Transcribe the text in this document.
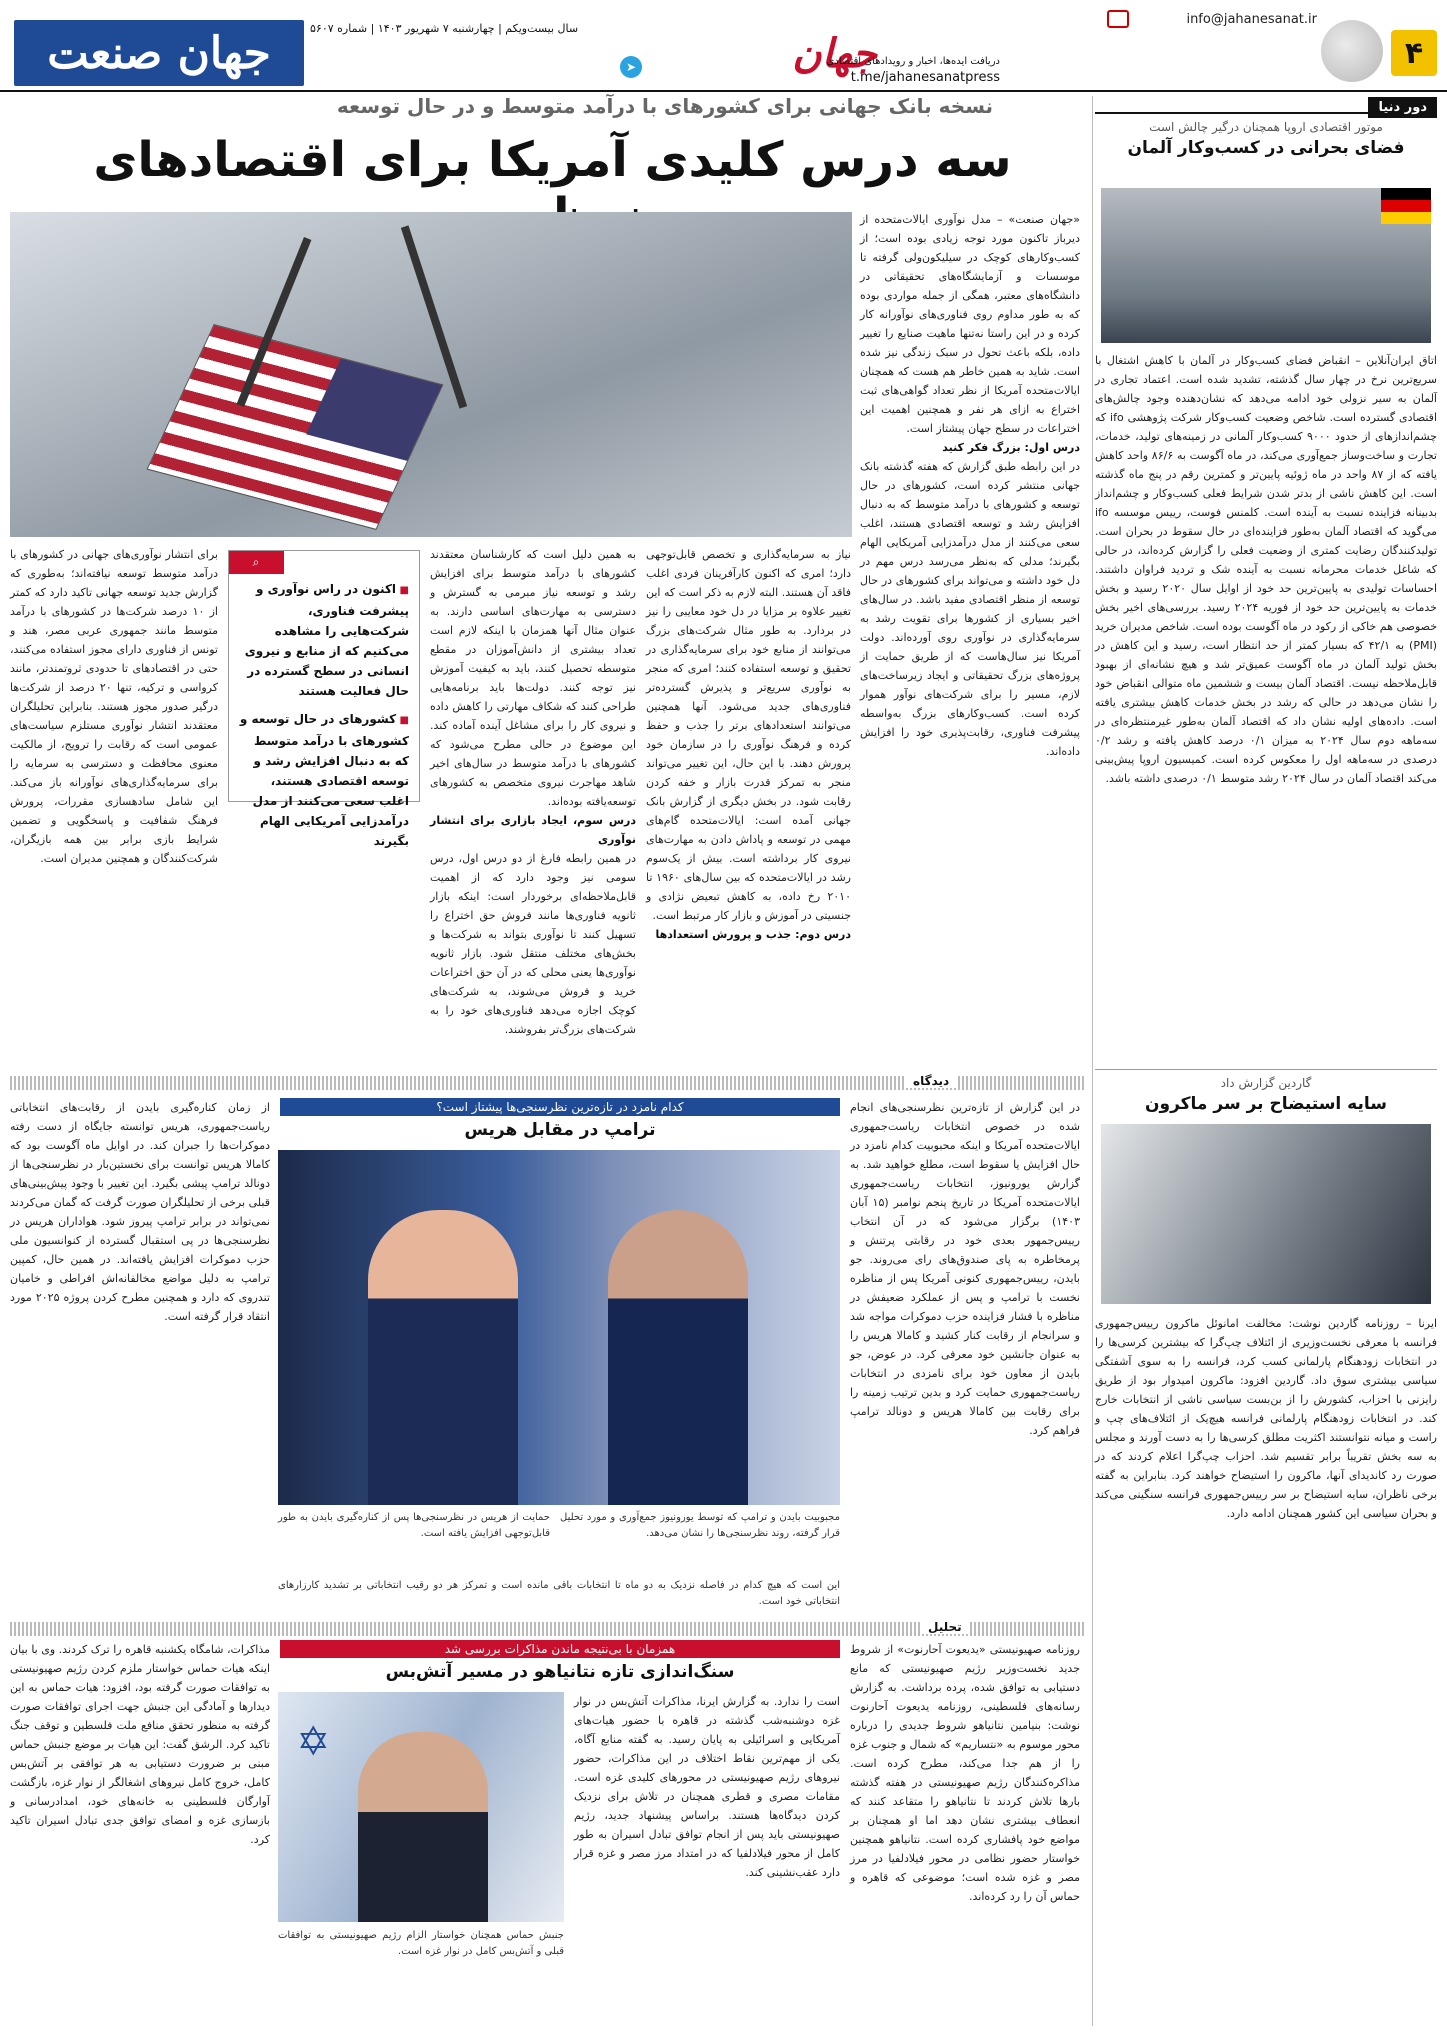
۴
info@jahanesanat.ir
جهان
دریافت ایده‌ها، اخبار و رویدادهای اقتصادی
t.me/jahanesanatpress
➤
سال بیست‌ویکم | چهارشنبه ۷ شهریور ۱۴۰۳ | شماره ۵۶۰۷
جهان صنعت
دور دنیا
موتور اقتصادی اروپا همچنان درگیر چالش است
فضای بحرانی در کسب‌وکار آلمان
اتاق ایران‌آنلاین – انقباض فضای کسب‌وکار در آلمان با کاهش اشتغال با سریع‌ترین نرخ در چهار سال گذشته، تشدید شده است. اعتماد تجاری در آلمان به سیر نزولی خود ادامه می‌دهد که نشان‌دهنده وجود چالش‌های اقتصادی گسترده است. شاخص وضعیت کسب‌وکار شرکت پژوهشی ifo که چشم‌اندازهای از حدود ۹۰۰۰ کسب‌وکار آلمانی در زمینه‌های تولید، خدمات، تجارت و ساخت‌وساز جمع‌آوری می‌کند، در ماه آگوست به ۸۶/۶ واحد کاهش یافته که از ۸۷ واحد در ماه ژوئیه پایین‌تر و کمترین رقم در پنج ماه گذشته است. این کاهش ناشی از بدتر شدن شرایط فعلی کسب‌وکار و چشم‌انداز بدبینانه فزاینده نسبت به آینده است. کلمنس فوست، رییس موسسه ifo می‌گوید که اقتصاد آلمان به‌طور فزاینده‌ای در حال سقوط در بحران است. تولیدکنندگان رضایت کمتری از وضعیت فعلی را گزارش کرده‌اند، در حالی که شاغل خدمات محرمانه نسبت به آینده شک و تردید فراوان داشتند. احساسات تولیدی به پایین‌ترین حد خود از اوایل سال ۲۰۲۰ رسید و بخش خدمات به پایین‌ترین حد خود از فوریه ۲۰۲۴ رسید. بررسی‌های اخیر بخش خصوصی هم خاکی از رکود در ماه آگوست بوده است. شاخص مدیران خرید (PMI) به ۴۲/۱ که بسیار کمتر از حد انتظار است، رسید و این کاهش در بخش تولید آلمان در ماه آگوست عمیق‌تر شد و هیچ نشانه‌ای از بهبود قابل‌ملاحظه نیست. اقتصاد آلمان بیست و ششمین ماه متوالی انقباض خود را نشان می‌دهد در حالی که رشد در بخش خدمات کاهش بیشتری یافته است. داده‌های اولیه نشان داد که اقتصاد آلمان به‌طور غیرمنتظره‌ای در سه‌ماهه دوم سال ۲۰۲۴ به میزان ۰/۱ درصد کاهش یافته و رشد ۰/۲ درصدی در سه‌ماهه اول را معکوس کرده است. کمیسیون اروپا پیش‌بینی می‌کند اقتصاد آلمان در سال ۲۰۲۴ رشد متوسط ۰/۱ درصدی داشته باشد.
گاردین گزارش داد
سایه استیضاح بر سر ماکرون
ایرنا – روزنامه گاردین نوشت: مخالفت امانوئل ماکرون رییس‌جمهوری فرانسه با معرفی نخست‌وزیری از ائتلاف چپ‌گرا که بیشترین کرسی‌ها را در انتخابات زودهنگام پارلمانی کسب کرد، فرانسه را به سوی آشفتگی سیاسی بیشتری سوق داد. گاردین افزود: ماکرون امیدوار بود از طریق رایزنی با احزاب، کشورش را از بن‌بست سیاسی ناشی از انتخابات خارج کند. در انتخابات زودهنگام پارلمانی فرانسه هیچ‌یک از ائتلاف‌های چپ و راست و میانه نتوانستند اکثریت مطلق کرسی‌ها را به دست آورند و مجلس به سه بخش تقریباً برابر تقسیم شد. احزاب چپ‌گرا اعلام کردند که در صورت رد کاندیدای آنها، ماکرون را استیضاح خواهند کرد. بنابراین به گفته برخی ناظران، سایه استیضاح بر سر رییس‌جمهوری فرانسه سنگینی می‌کند و بحران سیاسی این کشور همچنان ادامه دارد.
نسخه بانک جهانی برای کشورهای با درآمد متوسط و در حال توسعه
سه درس کلیدی آمریکا برای اقتصادهای
«جهان صنعت» – مدل نوآوری ایالات‌متحده از دیرباز تاکنون مورد توجه زیادی بوده است؛ از کسب‌وکارهای کوچک در سیلیکون‌ولی گرفته تا موسسات و آزمایشگاه‌های تحقیقاتی در دانشگاه‌های معتبر، همگی از جمله مواردی بوده که به طور مداوم روی فناوری‌های نوآورانه کار کرده و در این راستا نه‌تنها ماهیت صنایع را تغییر داده، بلکه باعث تحول در سبک زندگی نیز شده است. شاید به همین خاطر هم هست که همچنان ایالات‌متحده آمریکا از نظر تعداد گواهی‌های ثبت اختراع به ازای هر نفر و همچنین اهمیت این اختراعات در سطح جهان پیشتاز است.
درس اول: بزرگ فکر کنید
در این رابطه طبق گزارش که هفته گذشته بانک جهانی منتشر کرده است، کشورهای در حال توسعه و کشورهای با درآمد متوسط که به دنبال افزایش رشد و توسعه اقتصادی هستند، اغلب سعی می‌کنند از مدل درآمدزایی آمریکایی الهام بگیرند؛ مدلی که به‌نظر می‌رسد درس مهم در دل خود داشته و می‌تواند برای کشورهای در حال توسعه از منظر اقتصادی مفید باشد. در سال‌های اخیر بسیاری از کشورها برای تقویت رشد به سرمایه‌گذاری در نوآوری روی آورده‌اند. دولت آمریکا نیز سال‌هاست که از طریق حمایت از پروژه‌های بزرگ تحقیقاتی و ایجاد زیرساخت‌های لازم، مسیر را برای شرکت‌های نوآور هموار کرده است. کسب‌وکارهای بزرگ به‌واسطه پیشرفت فناوری، رقابت‌پذیری خود را افزایش داده‌اند.
نیاز به سرمایه‌گذاری و تخصص قابل‌توجهی دارد؛ امری که اکنون کارآفرینان فردی اغلب فاقد آن هستند. البته لازم به ذکر است که این تغییر علاوه بر مزایا در دل خود معایبی را نیز در بردارد. به طور مثال شرکت‌های بزرگ می‌توانند از منابع خود برای سرمایه‌گذاری در تحقیق و توسعه استفاده کنند؛ امری که منجر به نوآوری سریع‌تر و پذیرش گسترده‌تر فناوری‌های جدید می‌شود. آنها همچنین می‌توانند استعدادهای برتر را جذب و حفظ کرده و فرهنگ نوآوری را در سازمان خود پرورش دهند. با این حال، این تغییر می‌تواند منجر به تمرکز قدرت بازار و خفه کردن رقابت شود. در بخش دیگری از گزارش بانک جهانی آمده است: ایالات‌متحده گام‌های مهمی در توسعه و پاداش دادن به مهارت‌های نیروی کار برداشته است. بیش از یک‌سوم رشد در ایالات‌متحده که بین سال‌های ۱۹۶۰ تا ۲۰۱۰ رخ داده، به کاهش تبعیض نژادی و جنسیتی در آموزش و بازار کار مرتبط است.
درس دوم: جذب و پرورش استعدادها
به همین دلیل است که کارشناسان معتقدند کشورهای با درآمد متوسط برای افزایش رشد و توسعه نیاز مبرمی به گسترش و دسترسی به مهارت‌های اساسی دارند. به عنوان مثال آنها همزمان با اینکه لازم است تعداد بیشتری از دانش‌آموزان در مقطع متوسطه تحصیل کنند، باید به کیفیت آموزش نیز توجه کنند. دولت‌ها باید برنامه‌هایی طراحی کنند که شکاف مهارتی را کاهش داده و نیروی کار را برای مشاغل آینده آماده کند. این موضوع در حالی مطرح می‌شود که کشورهای با درآمد متوسط در سال‌های اخیر شاهد مهاجرت نیروی متخصص به کشورهای توسعه‌یافته بوده‌اند.
درس سوم، ایجاد بازاری برای انتشار نوآوری
در همین رابطه فارغ از دو درس اول، درس سومی نیز وجود دارد که از اهمیت قابل‌ملاحظه‌ای برخوردار است: اینکه بازار ثانویه فناوری‌ها مانند فروش حق اختراع را تسهیل کنند تا نوآوری بتواند به شرکت‌ها و بخش‌های مختلف منتقل شود. بازار ثانویه نوآوری‌ها یعنی محلی که در آن حق اختراعات خرید و فروش می‌شوند، به شرکت‌های کوچک اجازه می‌دهد فناوری‌های خود را به شرکت‌های بزرگ‌تر بفروشند.
⌕
■ اکنون در راس نوآوری و پیشرفت فناوری، شرکت‌هایی را مشاهده می‌کنیم که از منابع و نیروی انسانی در سطح گسترده در حال فعالیت هستند
■ کشورهای در حال توسعه و کشورهای با درآمد متوسط که به دنبال افزایش رشد و توسعه اقتصادی هستند، اغلب سعی می‌کنند از مدل درآمدزایی آمریکایی الهام بگیرند
برای انتشار نوآوری‌های جهانی در کشورهای با درآمد متوسط توسعه نیافته‌اند؛ به‌طوری که گزارش جدید توسعه جهانی تاکید دارد که کمتر از ۱۰ درصد شرکت‌ها در کشورهای با درآمد متوسط مانند جمهوری عربی مصر، هند و تونس از فناوری دارای مجوز استفاده می‌کنند، حتی در اقتصادهای تا حدودی ثروتمندتر، مانند کرواسی و ترکیه، تنها ۲۰ درصد از شرکت‌ها درگیر صدور مجوز هستند. بنابراین تحلیلگران معتقدند انتشار نوآوری مستلزم سیاست‌های عمومی است که رقابت را ترویج، از مالکیت معنوی محافظت و دسترسی به سرمایه را برای سرمایه‌گذاری‌های نوآورانه باز می‌کند. این شامل سادهسازی مقررات، پرورش فرهنگ شفافیت و پاسخگویی و تضمین شرایط بازی برابر بین همه بازیگران، شرکت‌کنندگان و همچنین مدیران است.
دیدگاه
کدام نامزد در تازه‌ترین نظرسنجی‌ها پیشتاز است؟
ترامپ در مقابل هریس
مجبوبیت بایدن و ترامپ که توسط یورونیوز جمع‌آوری و مورد تحلیل قرار گرفته، روند نظرسنجی‌ها را نشان می‌دهد.
حمایت از هریس در نظرسنجی‌ها پس از کناره‌گیری بایدن به طور قابل‌توجهی افزایش یافته است.
این است که هیچ کدام در فاصله نزدیک به دو ماه تا انتخابات باقی مانده است و تمرکز هر دو رقیب انتخاباتی بر تشدید کارزارهای انتخاباتی خود است.
در این گزارش از تازه‌ترین نظرسنجی‌های انجام شده در خصوص انتخابات ریاست‌جمهوری ایالات‌متحده آمریکا و اینکه محبوبیت کدام نامزد در حال افزایش یا سقوط است، مطلع خواهید شد. به گزارش یورونیوز، انتخابات ریاست‌جمهوری ایالات‌متحده آمریکا در تاریخ پنجم نوامبر (۱۵ آبان ۱۴۰۳) برگزار می‌شود که در آن انتخاب رییس‌جمهور بعدی خود در رقابتی پرتنش و پرمخاطره به پای صندوق‌های رای می‌روند. جو بایدن، رییس‌جمهوری کنونی آمریکا پس از مناظره نخست با ترامپ و پس از عملکرد ضعیفش در مناظره با فشار فزاینده حزب دموکرات مواجه شد و سرانجام از رقابت کنار کشید و کامالا هریس را به عنوان جانشین خود معرفی کرد. در عوض، جو بایدن از معاون خود برای نامزدی در انتخابات ریاست‌جمهوری حمایت کرد و بدین ترتیب زمینه را برای رقابت بین کامالا هریس و دونالد ترامپ فراهم کرد.
از زمان کناره‌گیری بایدن از رقابت‌های انتخاباتی ریاست‌جمهوری، هریس توانسته جایگاه از دست رفته دموکرات‌ها را جبران کند. در اوایل ماه آگوست بود که کامالا هریس توانست برای نخستین‌بار در نظرسنجی‌ها از دونالد ترامپ پیشی بگیرد. این تغییر با وجود پیش‌بینی‌های قبلی برخی از تحلیلگران صورت گرفت که گمان می‌کردند نمی‌تواند در برابر ترامپ پیروز شود. هواداران هریس در نظرسنجی‌ها در پی استقبال گسترده از کنوانسیون ملی حزب دموکرات افزایش یافته‌اند. در همین حال، کمپین ترامپ به دلیل مواضع مخالفانه‌اش افراطی و خامیان تندروی که دارد و همچنین مطرح کردن پروژه ۲۰۲۵ مورد انتقاد قرار گرفته است.
تحلیل
همزمان با بی‌نتیجه ماندن مذاکرات بررسی شد
سنگ‌اندازی تازه نتانیاهو در مسیر آتش‌بس
✡
جنبش حماس همچنان خواستار الزام رژیم صهیونیستی به توافقات قبلی و آتش‌بس کامل در نوار غزه است.
روزنامه صهیونیستی «یدیعوت آحارنوت» از شروط جدید نخست‌وزیر رژیم صهیونیستی که مانع دستیابی به توافق شده، پرده برداشت. به گزارش رسانه‌های فلسطینی، روزنامه یدیعوت آحارنوت نوشت: بنیامین نتانیاهو شروط جدیدی را درباره محور موسوم به «نتساریم» که شمال و جنوب غزه را از هم جدا می‌کند، مطرح کرده است. مذاکره‌کنندگان رژیم صهیونیستی در هفته گذشته بارها تلاش کردند تا نتانیاهو را متقاعد کنند که انعطاف بیشتری نشان دهد اما او همچنان بر مواضع خود پافشاری کرده است. نتانیاهو همچنین خواستار حضور نظامی در محور فیلادلفیا در مرز مصر و غزه شده است؛ موضوعی که قاهره و حماس آن را رد کرده‌اند.
است را ندارد. به گزارش ایرنا، مذاکرات آتش‌بس در نوار غزه دوشنبه‌شب گذشته در قاهره با حضور هیات‌های آمریکایی و اسرائیلی به پایان رسید. به گفته منابع آگاه، یکی از مهم‌ترین نقاط اختلاف در این مذاکرات، حضور نیروهای رژیم صهیونیستی در محورهای کلیدی غزه است. مقامات مصری و قطری همچنان در تلاش برای نزدیک کردن دیدگاه‌ها هستند. براساس پیشنهاد جدید، رژیم صهیونیستی باید پس از انجام توافق تبادل اسیران به طور کامل از محور فیلادلفیا که در امتداد مرز مصر و غزه قرار دارد عقب‌نشینی کند.
مذاکرات، شامگاه یکشنبه قاهره را ترک کردند. وی با بیان اینکه هیات حماس خواستار ملزم کردن رژیم صهیونیستی به توافقات صورت گرفته بود، افزود: هیات حماس به این دیدارها و آمادگی این جنبش جهت اجرای توافقات صورت گرفته به منظور تحقق منافع ملت فلسطین و توقف جنگ تاکید کرد. الرشق گفت: این هیات بر موضع جنبش حماس مبنی بر ضرورت دستیابی به هر توافقی بر آتش‌بس کامل، خروج کامل نیروهای اشغالگر از نوار غزه، بازگشت آوارگان فلسطینی به خانه‌های خود، امدادرسانی و بازسازی غزه و امضای توافق جدی تبادل اسیران تاکید کرد.
